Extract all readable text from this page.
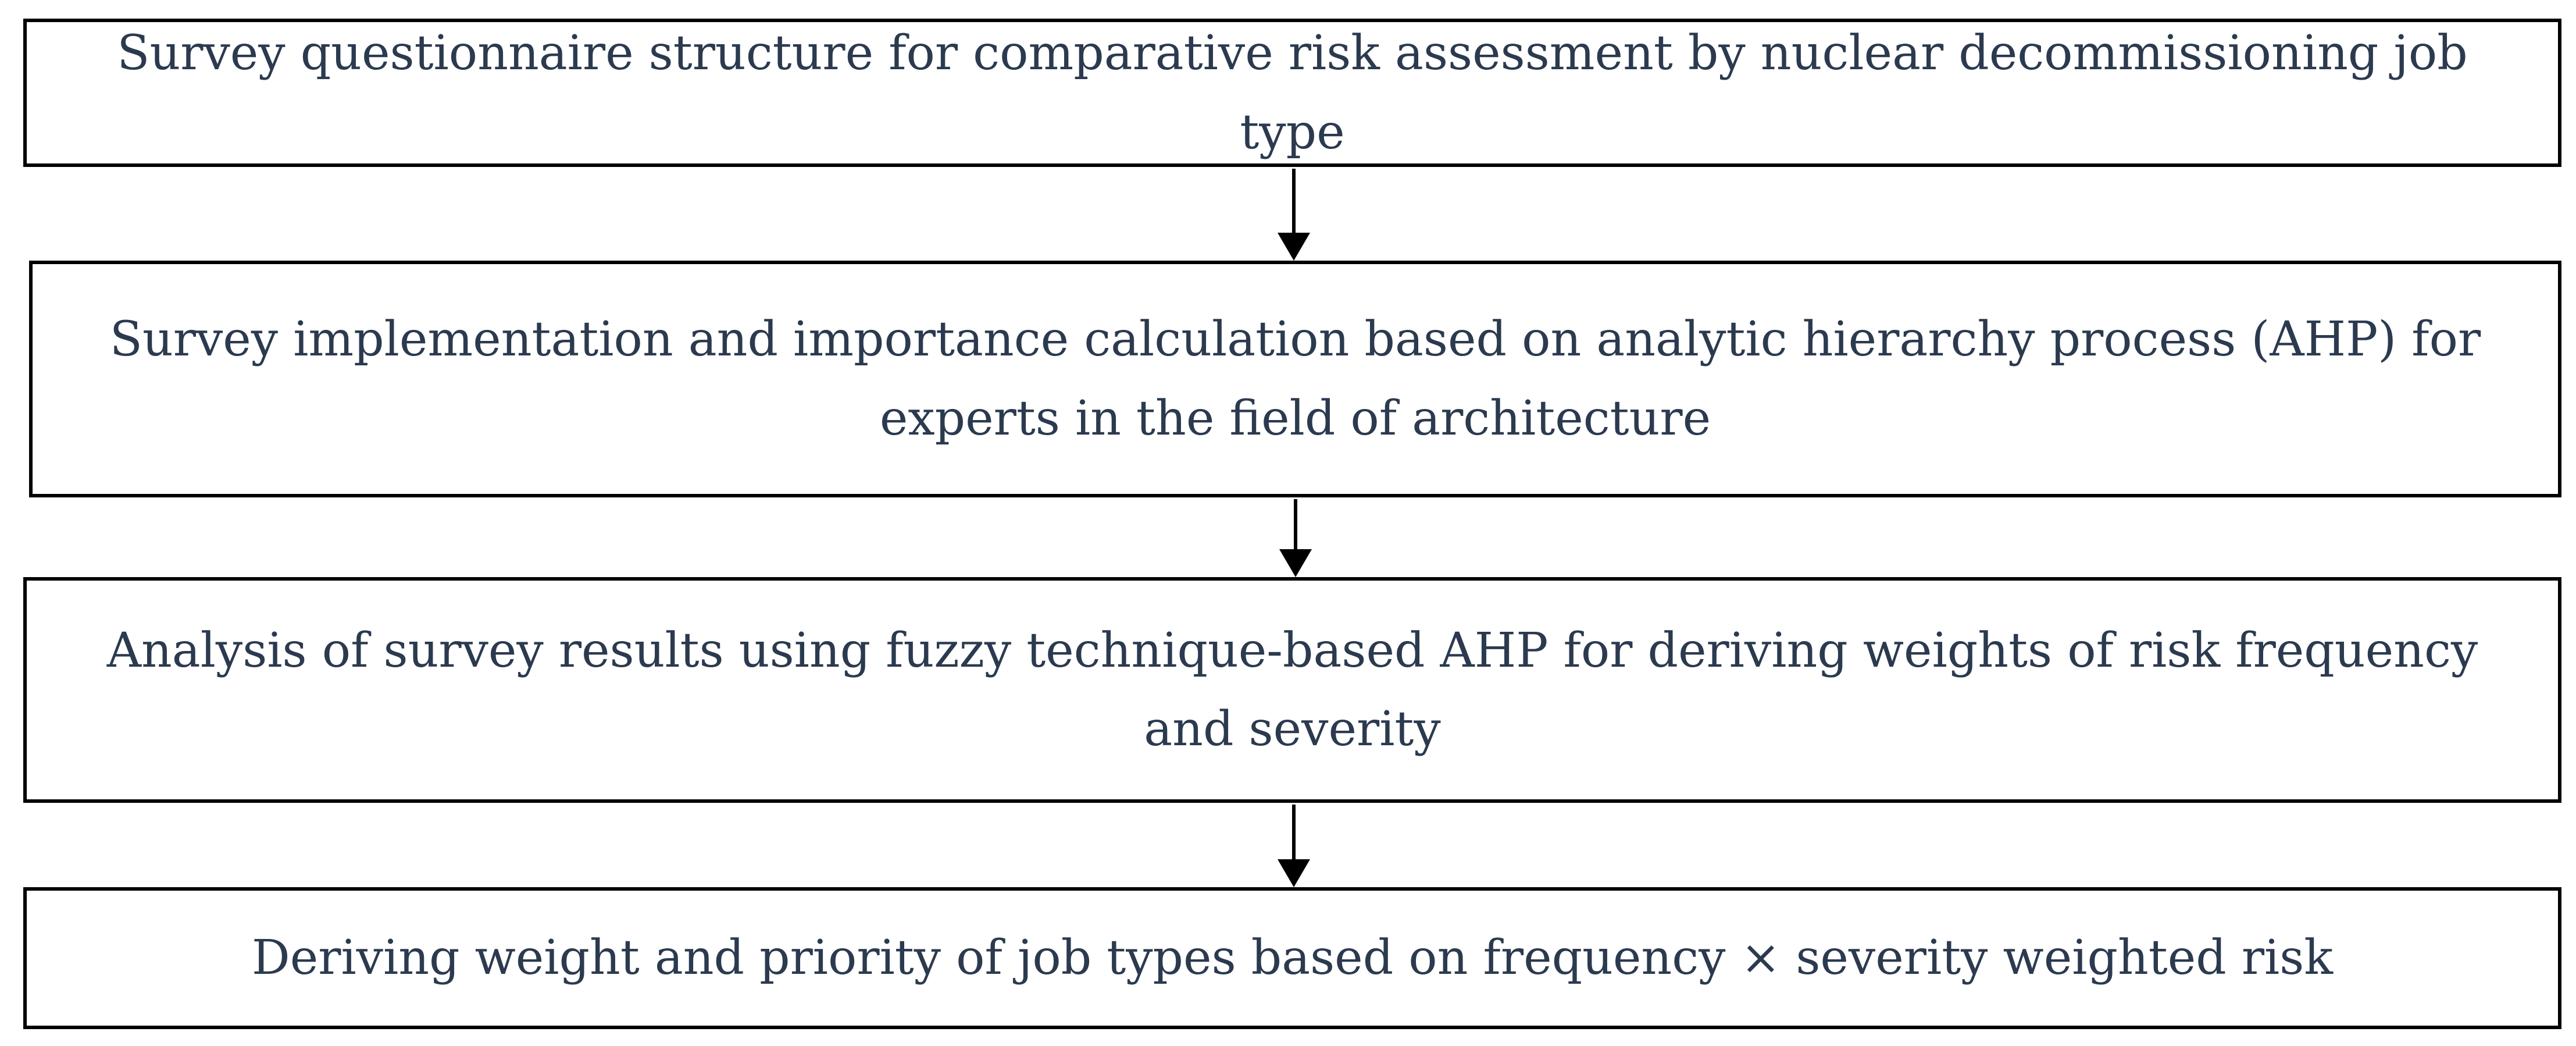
Survey questionnaire structure for comparative risk assessment by nuclear decommissioning job type
Survey implementation and importance calculation based on analytic hierarchy process (AHP) for experts in the field of architecture
Analysis of survey results using fuzzy technique-based AHP for deriving weights of risk frequency and severity
Deriving weight and priority of job types based on frequency × severity weighted risk
